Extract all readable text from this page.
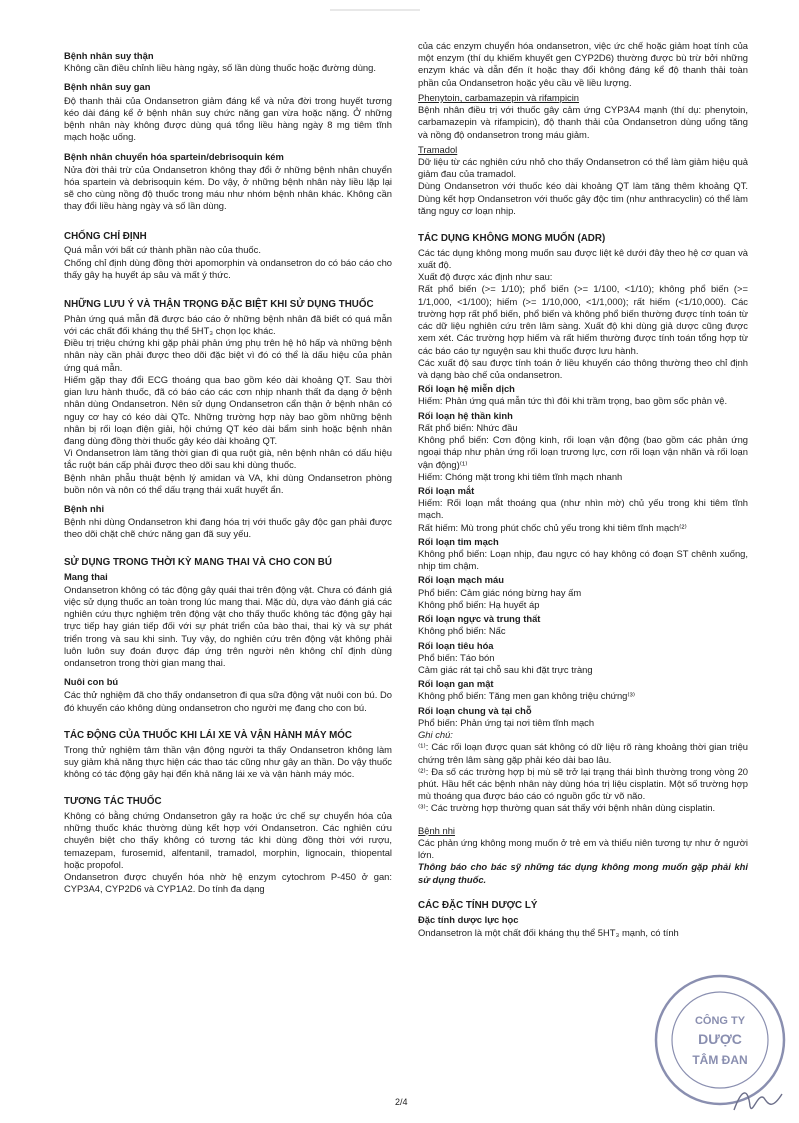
Bệnh nhân suy thận

Không cần điều chỉnh liều hàng ngày, số lần dùng thuốc hoặc đường dùng.

Bệnh nhân suy gan

Độ thanh thải của Ondansetron giảm đáng kể và nửa đời trong huyết tương kéo dài đáng kể ở bệnh nhân suy chức năng gan vừa hoặc nặng. Ở những bệnh nhân này không được dùng quá tổng liều hàng ngày 8 mg tiêm tĩnh mạch hoặc uống.

Bệnh nhân chuyển hóa spartein/debrisoquin kém

Nửa đời thải trừ của Ondansetron không thay đổi ở những bệnh nhân chuyển hóa spartein và debrisoquin kém. Do vậy, ở những bệnh nhân này liều lặp lại sẽ cho cùng nồng độ thuốc trong máu như nhóm bệnh nhân khác. Không cần thay đổi liều hàng ngày và số lần dùng.

CHỐNG CHỈ ĐỊNH

Quá mẫn với bất cứ thành phần nào của thuốc.

Chống chỉ định dùng đồng thời apomorphin và ondansetron do có báo cáo cho thấy gây hạ huyết áp sâu và mất ý thức.

NHỮNG LƯU Ý VÀ THẬN TRỌNG ĐẶC BIỆT KHI SỬ DỤNG THUỐC

Phản ứng quá mẫn đã được báo cáo ở những bệnh nhân đã biết có quá mẫn với các chất đối kháng thụ thể 5HT₃ chọn lọc khác.

Điều trị triệu chứng khi gặp phải phản ứng phụ trên hệ hô hấp và những bệnh nhân này cần phải được theo dõi đặc biệt vì đó có thể là dấu hiệu của phản ứng quá mẫn.

Hiếm gặp thay đổi ECG thoáng qua bao gồm kéo dài khoảng QT. Sau thời gian lưu hành thuốc, đã có báo cáo các cơn nhịp nhanh thất đa dạng ở bệnh nhân dùng Ondansetron. Nên sử dụng Ondansetron cẩn thận ở bệnh nhân có nguy cơ hay có kéo dài QTc. Những trường hợp này bao gồm những bệnh nhân bị rối loạn điện giải, hội chứng QT kéo dài bẩm sinh hoặc bệnh nhân đang dùng đồng thời thuốc gây kéo dài khoảng QT.

Vì Ondansetron làm tăng thời gian đi qua ruột già, nên bệnh nhân có dấu hiệu tắc ruột bán cấp phải được theo dõi sau khi dùng thuốc.

Bệnh nhân phẫu thuật bệnh lý amidan và VA, khi dùng Ondansetron phòng buồn nôn và nôn có thể dấu trạng thái xuất huyết ẩn.

Bệnh nhi

Bệnh nhi dùng Ondansetron khi đang hóa trị với thuốc gây độc gan phải được theo dõi chặt chẽ chức năng gan đã suy yếu.

SỬ DỤNG TRONG THỜI KỲ MANG THAI VÀ CHO CON BÚ
Mang thai

Ondansetron không có tác động gây quái thai trên động vật. Chưa có đánh giá việc sử dụng thuốc an toàn trong lúc mang thai. Mặc dù, dựa vào đánh giá các nghiên cứu thực nghiệm trên động vật cho thấy thuốc không tác động gây hại trực tiếp hay gián tiếp đối với sự phát triển của bào thai, thai kỳ và sự phát triển trong và sau khi sinh. Tuy vậy, do nghiên cứu trên động vật không phải luôn luôn suy đoán được đáp ứng trên người nên không chỉ định dùng ondansetron trong thời gian mang thai.

Nuôi con bú

Các thử nghiệm đã cho thấy ondansetron đi qua sữa động vật nuôi con bú. Do đó khuyến cáo không dùng ondansetron cho người mẹ đang cho con bú.

TÁC ĐỘNG CỦA THUỐC KHI LÁI XE VÀ VẬN HÀNH MÁY MÓC

Trong thử nghiệm tâm thần vận động người ta thấy Ondansetron không làm suy giảm khả năng thực hiện các thao tác cũng như gây an thần. Do vậy thuốc không có tác động gây hại đến khả năng lái xe và vận hành máy móc.

TƯƠNG TÁC THUỐC

Không có bằng chứng Ondansetron gây ra hoặc ức chế sự chuyển hóa của những thuốc khác thường dùng kết hợp với Ondansetron. Các nghiên cứu chuyên biệt cho thấy không có tương tác khi dùng đồng thời với rượu, temazepam, furosemid, alfentanil, tramadol, morphin, lignocain, thiopental hoặc propofol.

Ondansetron được chuyển hóa nhờ hệ enzym cytochrom P-450 ở gan: CYP3A4, CYP2D6 và CYP1A2. Do tính đa dạng

của các enzym chuyển hóa ondansetron, việc ức chế hoặc giảm hoạt tính của một enzym (thí dụ khiếm khuyết gen CYP2D6) thường được bù trừ bởi những enzym khác và dẫn đến ít hoặc thay đổi không đáng kể độ thanh thải toàn phần của Ondansetron hoặc yêu cầu về liều lượng.

Phenytoin, carbamazepin và rifampicin

Bệnh nhân điều trị với thuốc gây cảm ứng CYP3A4 mạnh (thí dụ: phenytoin, carbamazepin và rifampicin), độ thanh thải của Ondansetron dùng uống tăng và nồng độ ondansetron trong máu giảm.

Tramadol

Dữ liệu từ các nghiên cứu nhỏ cho thấy Ondansetron có thể làm giảm hiệu quả giảm đau của tramadol.

Dùng Ondansetron với thuốc kéo dài khoảng QT làm tăng thêm khoảng QT. Dùng kết hợp Ondansetron với thuốc gây độc tim (như anthracyclin) có thể làm tăng nguy cơ loạn nhịp.

TÁC DỤNG KHÔNG MONG MUỐN (ADR)

Các tác dụng không mong muốn sau được liệt kê dưới đây theo hệ cơ quan và xuất độ.

Xuất độ được xác định như sau:

Rất phổ biến (>= 1/10); phổ biến (>= 1/100, <1/10); không phổ biến (>= 1/1,000, <1/100); hiếm (>= 1/10,000, <1/1,000); rất hiếm (<1/10,000). Các trường hợp rất phổ biến, phổ biến và không phổ biến thường được tính toán từ các dữ liệu nghiên cứu trên lâm sàng. Xuất độ khi dùng giả dược cũng được xem xét. Các trường hợp hiếm và rất hiếm thường được tính toán tổng hợp từ các báo cáo tự nguyện sau khi thuốc được lưu hành.

Các xuất độ sau được tính toán ở liều khuyến cáo thông thường theo chỉ định và dạng bào chế của ondansetron.

Rối loạn hệ miễn dịch

Hiếm: Phản ứng quá mẫn tức thì đôi khi trầm trọng, bao gồm sốc phản vệ.

Rối loạn hệ thần kinh

Rất phổ biến: Nhức đầu

Không phổ biến: Cơn động kinh, rối loạn vận động (bao gồm các phản ứng ngoại tháp như phản ứng rối loạn trương lực, cơn rối loạn vận nhãn và rối loạn vận động)⁽¹⁾

Hiếm: Chóng mặt trong khi tiêm tĩnh mạch nhanh

Rối loạn mắt

Hiếm: Rối loạn mắt thoáng qua (như nhìn mờ) chủ yếu trong khi tiêm tĩnh mạch.

Rất hiếm: Mù trong phút chốc chủ yếu trong khi tiêm tĩnh mạch⁽²⁾

Rối loạn tim mạch

Không phổ biến: Loạn nhịp, đau ngực có hay không có đoạn ST chênh xuống, nhịp tim chậm.

Rối loạn mạch máu

Phổ biến: Cảm giác nóng bừng hay ấm

Không phổ biến: Hạ huyết áp

Rối loạn ngực và trung thất

Không phổ biến: Nấc

Rối loạn tiêu hóa

Phổ biến: Táo bón

Cảm giác rát tại chỗ sau khi đặt trực tràng

Rối loạn gan mật

Không phổ biến: Tăng men gan không triệu chứng⁽³⁾

Rối loạn chung và tại chỗ

Phổ biến: Phản ứng tại nơi tiêm tĩnh mạch

Ghi chú:

⁽¹⁾: Các rối loạn được quan sát không có dữ liệu rõ ràng khoảng thời gian triệu chứng trên lâm sàng gặp phải kéo dài bao lâu.

⁽²⁾: Đa số các trường hợp bị mù sẽ trở lại trạng thái bình thường trong vòng 20 phút. Hầu hết các bệnh nhân này dùng hóa trị liệu cisplatin. Một số trường hợp mù thoáng qua được báo cáo có nguồn gốc từ võ não.

⁽³⁾: Các trường hợp thường quan sát thấy với bệnh nhân dùng cisplatin.

Bệnh nhi

Các phản ứng không mong muốn ở trẻ em và thiếu niên tương tự như ở người lớn.

Thông báo cho bác sỹ những tác dụng không mong muốn gặp phải khi sử dụng thuốc.

CÁC ĐẶC TÍNH DƯỢC LÝ
Đặc tính dược lực học

Ondansetron là một chất đối kháng thụ thể 5HT₃ mạnh, có tính

2/4
CÔNG TY
DƯỢC
TÂM ĐAN
